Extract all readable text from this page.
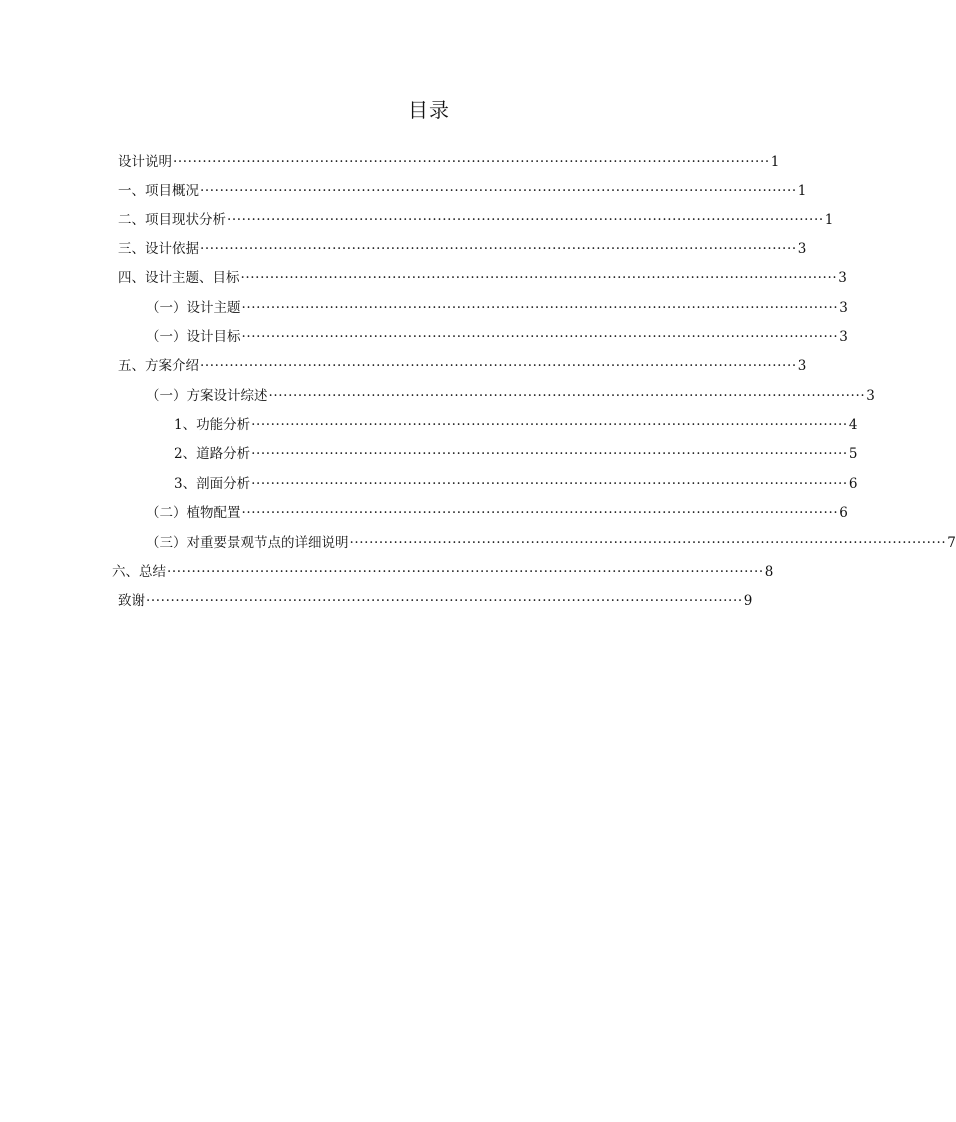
目录
设计说明 ·························································································································· 1
一、项目概况 ·························································································································· 1
二、项目现状分析 ·························································································································· 1
三、设计依据 ·························································································································· 3
四、设计主题、目标 ·························································································································· 3
（一）设计主题 ·························································································································· 3
（一）设计目标 ·························································································································· 3
五、方案介绍 ·························································································································· 3
（一）方案设计综述 ·························································································································· 3
1、功能分析 ·························································································································· 4
2、道路分析 ·························································································································· 5
3、剖面分析 ·························································································································· 6
（二）植物配置 ·························································································································· 6
（三）对重要景观节点的详细说明 ·························································································································· 7
六、总结 ·························································································································· 8
致谢 ·························································································································· 9
